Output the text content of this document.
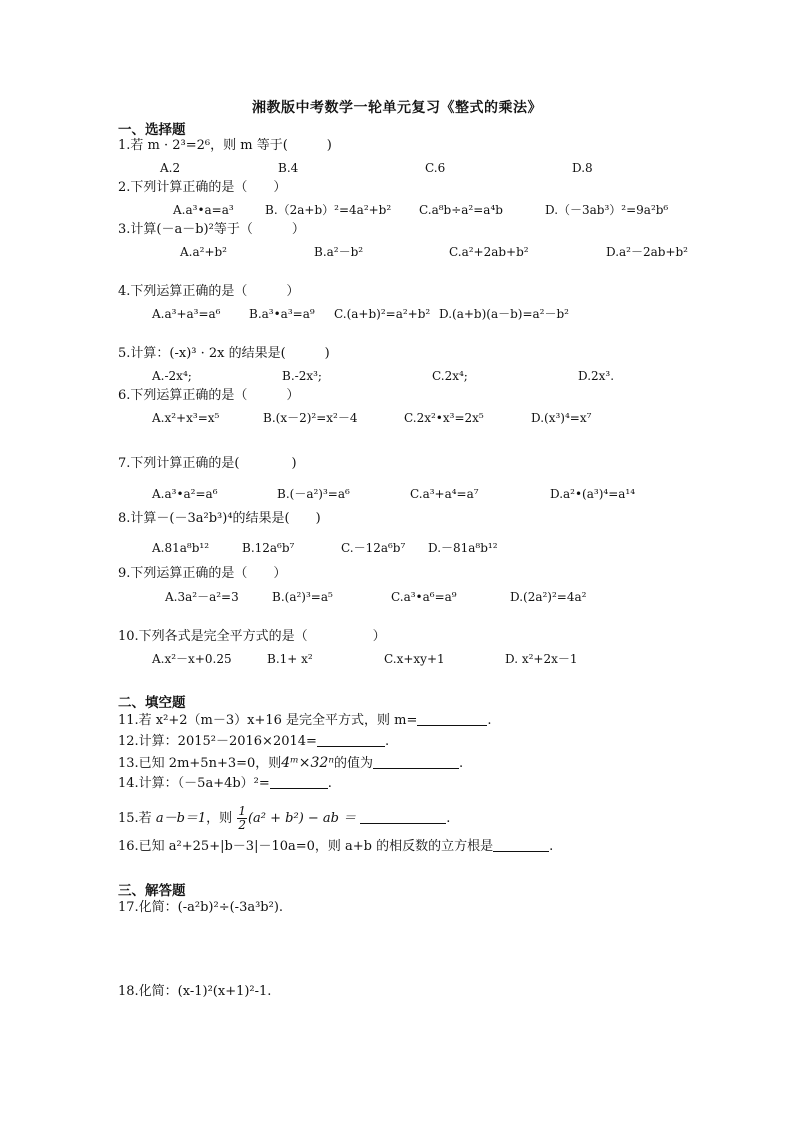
湘教版中考数学一轮单元复习《整式的乘法》
一、选择题
1.若 m · 2³=2⁶，则 m 等于(　　　)
A.2	B.4	C.6	D.8
2.下列计算正确的是（　　）
A.a³•a=a³	B.（2a+b）²=4a²+b² C.a⁸b÷a²=a⁴b	D.（－3ab³）²=9a²b⁶
3.计算(－a－b)²等于（　　　）
A.a²+b²	B.a²－b²	C.a²+2ab+b²	D.a²－2ab+b²
4.下列运算正确的是（　　　）
A.a³+a³=a⁶ B.a³•a³=a⁹ C.(a+b)²=a²+b² D.(a+b)(a－b)=a²－b²
5.计算：(-x)³ · 2x 的结果是(　　　)
A.-2x⁴;	B.-2x³;	C.2x⁴;	D.2x³.
6.下列运算正确的是（　　　）
A.x²+x³=x⁵	B.(x－2)²=x²－4	C.2x²•x³=2x⁵	D.(x³)⁴=x⁷
7.下列计算正确的是(　　　　)
A.a³•a²=a⁶	B.(－a²)³=a⁶	C.a³+a⁴=a⁷	D.a²•(a³)⁴=a¹⁴
8.计算－(－3a²b³)⁴的结果是(　　)
A.81a⁸b¹²	B.12a⁶b⁷	C.－12a⁶b⁷ D.－81a⁸b¹²
9.下列运算正确的是（　　）
A.3a²－a²=3	B.(a²)³=a⁵	C.a³•a⁶=a⁹	D.(2a²)²=4a²
10.下列各式是完全平方式的是（　　　　　）
A.x²－x+0.25	B.1+ x²	C.x+xy+1	D. x²+2x－1
二、填空题
11.若 x²+2（m－3）x+16 是完全平方式，则 m=	.
12.计算：2015²－2016×2014=	.
13.已知 2m+5n+3=0，则4ᵐ×32ⁿ的值为	.
14.计算：（－5a+4b）²=	.
15.若 a－b＝1，则 $\frac{1}{2} (a^2 + b^2)$ − ab ＝	.
16.已知 a²+25+|b－3|－10a=0，则 a+b 的相反数的立方根是	.
三、解答题
17.化简：(-a²b)²÷(-3a³b²).
18.化简：(x-1)²(x+1)²-1.
